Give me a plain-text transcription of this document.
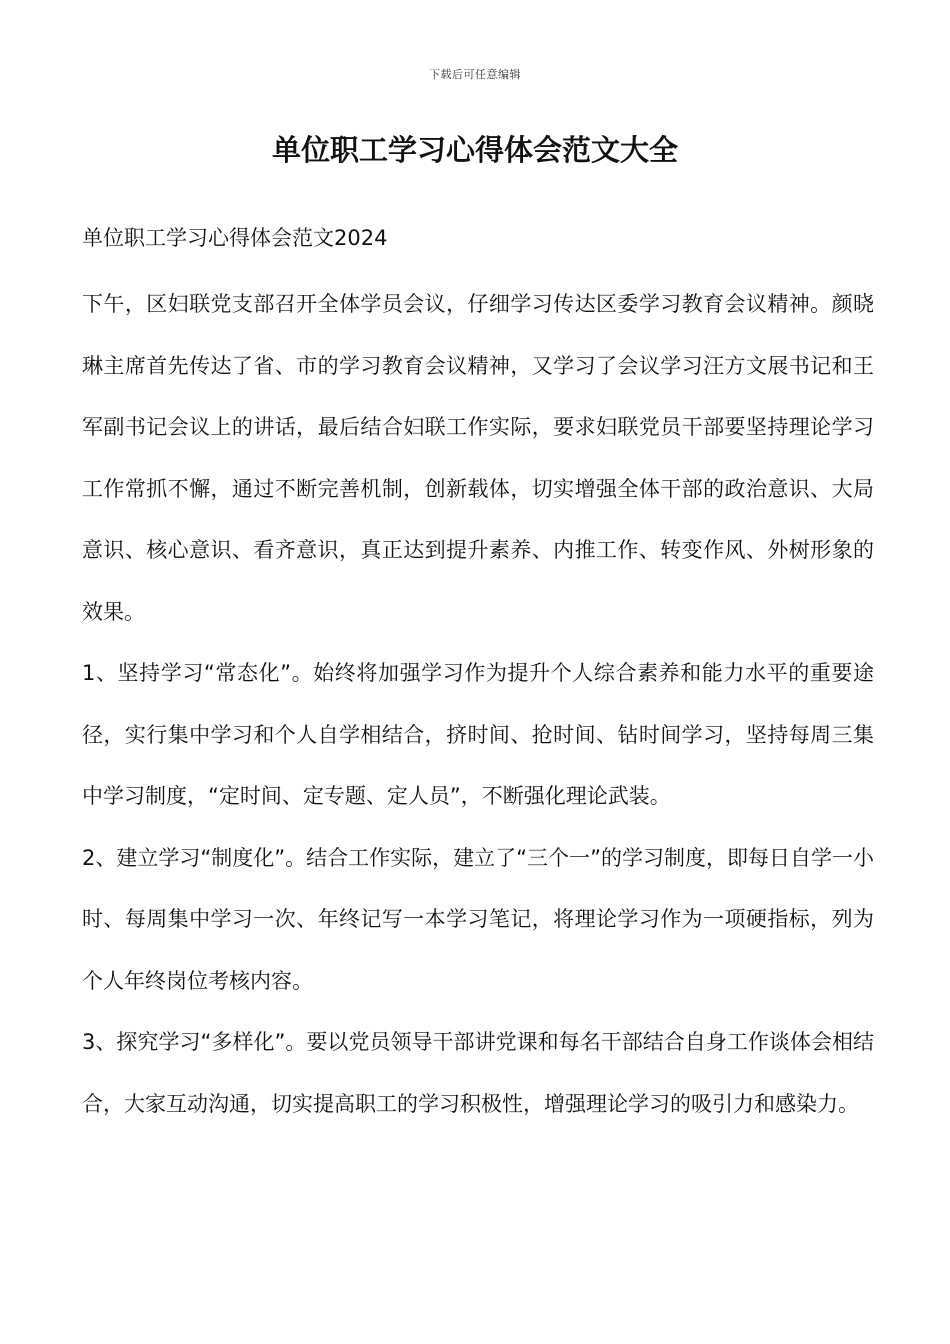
下载后可任意编辑
单位职工学习心得体会范文大全

单位职工学习心得体会范文2024

下午，区妇联党支部召开全体学员会议，仔细学习传达区委学习教育会议精神。颜晓琳主席首先传达了省、市的学习教育会议精神，又学习了会议学习汪方文展书记和王军副书记会议上的讲话，最后结合妇联工作实际，要求妇联党员干部要坚持理论学习工作常抓不懈，通过不断完善机制，创新载体，切实增强全体干部的政治意识、大局意识、核心意识、看齐意识，真正达到提升素养、内推工作、转变作风、外树形象的效果。

1、坚持学习“常态化”。始终将加强学习作为提升个人综合素养和能力水平的重要途径，实行集中学习和个人自学相结合，挤时间、抢时间、钻时间学习，坚持每周三集中学习制度，“定时间、定专题、定人员”，不断强化理论武装。

2、建立学习“制度化”。结合工作实际，建立了“三个一”的学习制度，即每日自学一小时、每周集中学习一次、年终记写一本学习笔记，将理论学习作为一项硬指标，列为个人年终岗位考核内容。

3、探究学习“多样化”。要以党员领导干部讲党课和每名干部结合自身工作谈体会相结合，大家互动沟通，切实提高职工的学习积极性，增强理论学习的吸引力和感染力。
